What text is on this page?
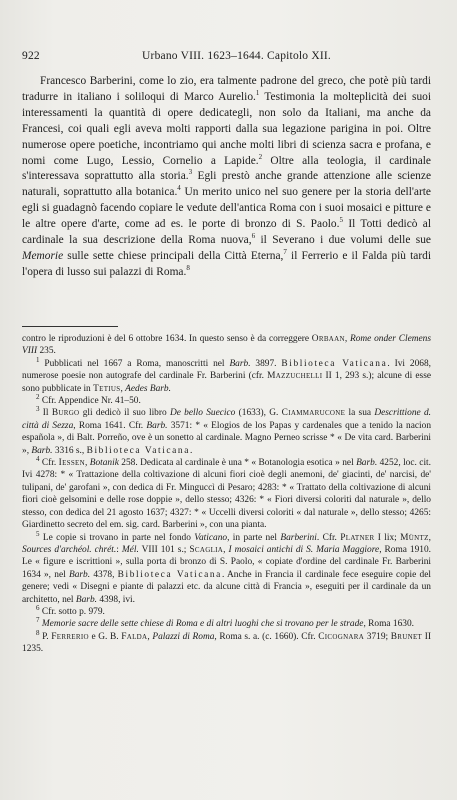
922	Urbano VIII. 1623–1644. Capitolo XII.

Francesco Barberini, come lo zio, era talmente padrone del greco, che potè più tardi tradurre in italiano i soliloqui di Marco Aurelio.$^1$ Testimonia la molteplicità dei suoi interessamenti la quantità di opere dedicategli, non solo da Italiani, ma anche da Francesi, coi quali egli aveva molti rapporti dalla sua legazione parigina in poi. Oltre numerose opere poetiche, incontriamo qui anche molti libri di scienza sacra e profana, e nomi come Lugo, Lessio, Cornelio a Lapide.$^2$ Oltre alla teologia, il cardinale s'interessava soprattutto alla storia.$^3$ Egli prestò anche grande attenzione alle scienze naturali, soprattutto alla botanica.$^4$ Un merito unico nel suo genere per la storia dell'arte egli si guadagnò facendo copiare le vedute dell'antica Roma con i suoi mosaici e pitture e le altre opere d'arte, come ad es. le porte di bronzo di S. Paolo.$^5$ Il Totti dedicò al cardinale la sua descrizione della Roma nuova,$^6$ il Severano i due volumi delle sue Memorie sulle sette chiese principali della Città Eterna,$^7$ il Ferrerio e il Falda più tardi l'opera di lusso sui palazzi di Roma.$^8$

contro le riproduzioni è del 6 ottobre 1634. In questo senso è da correggere Orbaan, Rome onder Clemens VIII 235.

$^1$ Pubblicati nel 1667 a Roma, manoscritti nel Barb. 3897. Biblioteca Vaticana. Ivi 2068, numerose poesie non autografe del cardinale Fr. Barberini (cfr. Mazzuchelli II 1, 293 s.); alcune di esse sono pubblicate in Tetius, Aedes Barb.

$^2$ Cfr. Appendice Nr. 41–50.

$^3$ Il Burgo gli dedicò il suo libro De bello Suecico (1633), G. Ciammarucone la sua Descrittione d. città di Sezza, Roma 1641. Cfr. Barb. 3571: * « Elogios de los Papas y cardenales que a tenido la nacion española », di Balt. Porreño, ove è un sonetto al cardinale. Magno Perneo scrisse * « De vita card. Barberini », Barb. 3316 s., Biblioteca Vaticana.

$^4$ Cfr. Iessen, Botanik 258. Dedicata al cardinale è una * « Botanologia esotica » nel Barb. 4252, loc. cit. Ivi 4278: * « Trattazione della coltivazione di alcuni fiori cioè degli anemoni, de' giacinti, de' narcisi, de' tulipani, de' garofani », con dedica di Fr. Minguccì di Pesaro; 4283: * « Trattato della coltivazione di alcuni fiori cioè gelsomini e delle rose doppie », dello stesso; 4326: * « Fiori diversi coloriti dal naturale », dello stesso, con dedica del 21 agosto 1637; 4327: * « Uccelli diversi coloriti « dal naturale », dello stesso; 4265: Giardinetto secreto del em. sig. card. Barberini », con una pianta.

$^5$ Le copie si trovano in parte nel fondo Vaticano, in parte nel Barberini. Cfr. Platner I lix; Müntz, Sources d'archéol. chrét.: Mél. VIII 101 s.; Scaglia, I mosaici antichi di S. Maria Maggiore, Roma 1910. Le « figure e iscrittioni », sulla porta di bronzo di S. Paolo, « copiate d'ordine del cardinale Fr. Barberini 1634 », nel Barb. 4378, Biblioteca Vaticana. Anche in Francia il cardinale fece eseguire copie del genere; vedi « Disegni e piante di palazzi etc. da alcune città di Francia », eseguiti per il cardinale da un architetto, nel Barb. 4398, ivi.

$^6$ Cfr. sotto p. 979.

$^7$ Memorie sacre delle sette chiese di Roma e di altri luoghi che si trovano per le strade, Roma 1630.

$^8$ P. Ferrerio e G. B. Falda, Palazzi di Roma, Roma s. a. (c. 1660). Cfr. Cicognara 3719; Brunet II 1235.
